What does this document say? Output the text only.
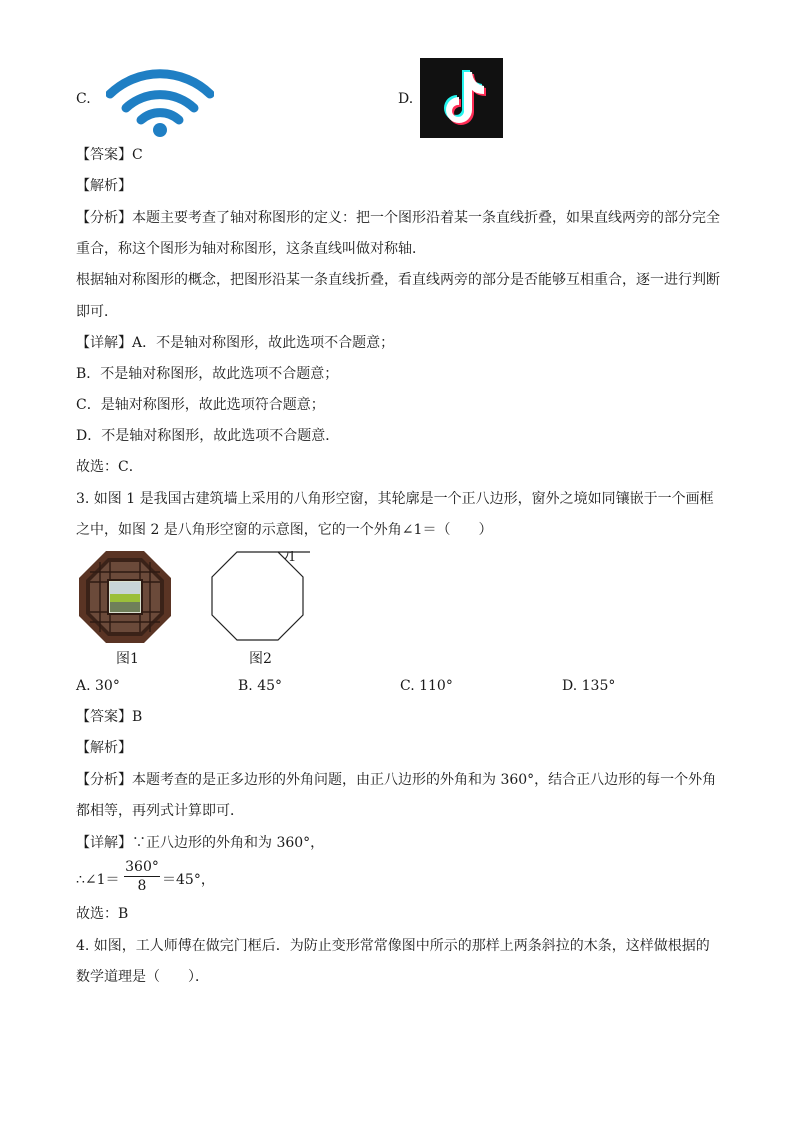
C.	D.
【答案】C
【解析】
【分析】本题主要考查了轴对称图形的定义：把一个图形沿着某一条直线折叠，如果直线两旁的部分完全
重合，称这个图形为轴对称图形，这条直线叫做对称轴．
根据轴对称图形的概念，把图形沿某一条直线折叠，看直线两旁的部分是否能够互相重合，逐一进行判断
即可．
【详解】A．不是轴对称图形，故此选项不合题意；
B．不是轴对称图形，故此选项不合题意；
C．是轴对称图形，故此选项符合题意；
D．不是轴对称图形，故此选项不合题意．
故选：C．
3. 如图 1 是我国古建筑墙上采用的八角形空窗，其轮廓是一个正八边形，窗外之境如同镶嵌于一个画框
之中，如图 2 是八角形空窗的示意图，它的一个外角∠1＝（　　）
图1
1
图2
A. 30°	B. 45°	C. 110°	D. 135°
【答案】B
【解析】
【分析】本题考查的是正多边形的外角问题，由正八边形的外角和为 360°，结合正八边形的每一个外角
都相等，再列式计算即可．
【详解】∵正八边形的外角和为 360°，
∴∠1＝
360°
8	＝45°，
故选：B
4. 如图，工人师傅在做完门框后．为防止变形常常像图中所示的那样上两条斜拉的木条，这样做根据的
数学道理是（　　）．
